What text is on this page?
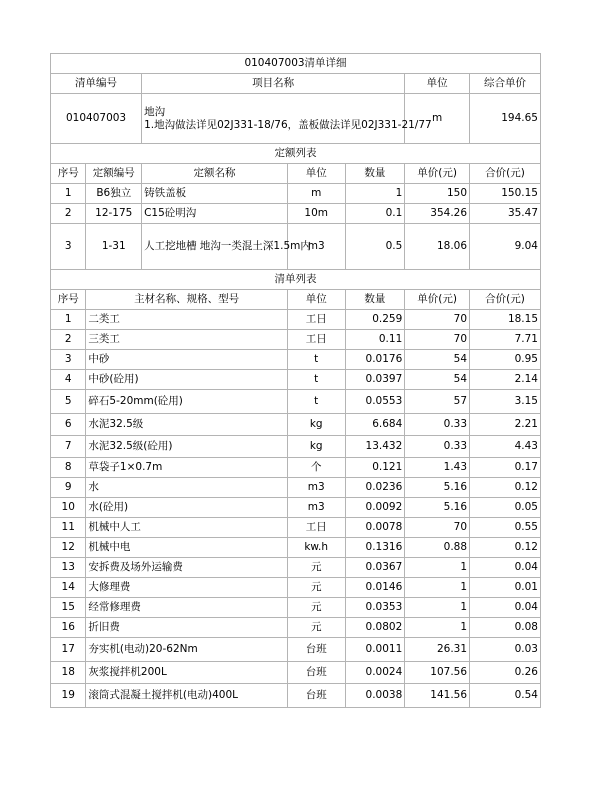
010407003清单详细						
清单编号		项目名称			单位	综合单价
010407003		地沟
1.地沟做法详见02J331-18/76，盖板做法详见02J331-21/77			m	194.65
定额列表						
序号	定额编号	定额名称	单位	数量	单价(元)	合价(元)
1	B6独立	铸铁盖板	m	1	150	150.15
2	12-175	C15砼明沟	10m	0.1	354.26	35.47
3	1-31	人工挖地槽 地沟一类混土深1.5m内	m3	0.5	18.06	9.04
清单列表						
序号	主材名称、规格、型号		单位	数量	单价(元)	合价(元)
1	二类工		工日	0.259	70	18.15
2	三类工		工日	0.11	70	7.71
3	中砂		t	0.0176	54	0.95
4	中砂(砼用)		t	0.0397	54	2.14
5	碎石5-20mm(砼用)		t	0.0553	57	3.15
6	水泥32.5级		kg	6.684	0.33	2.21
7	水泥32.5级(砼用)		kg	13.432	0.33	4.43
8	草袋子1×0.7m		个	0.121	1.43	0.17
9	水		m3	0.0236	5.16	0.12
10	水(砼用)		m3	0.0092	5.16	0.05
11	机械中人工		工日	0.0078	70	0.55
12	机械中电		kw.h	0.1316	0.88	0.12
13	安拆费及场外运输费		元	0.0367	1	0.04
14	大修理费		元	0.0146	1	0.01
15	经常修理费		元	0.0353	1	0.04
16	折旧费		元	0.0802	1	0.08
17	夯实机(电动)20-62Nm		台班	0.0011	26.31	0.03
18	灰浆搅拌机200L		台班	0.0024	107.56	0.26
19	滚筒式混凝土搅拌机(电动)400L		台班	0.0038	141.56	0.54
